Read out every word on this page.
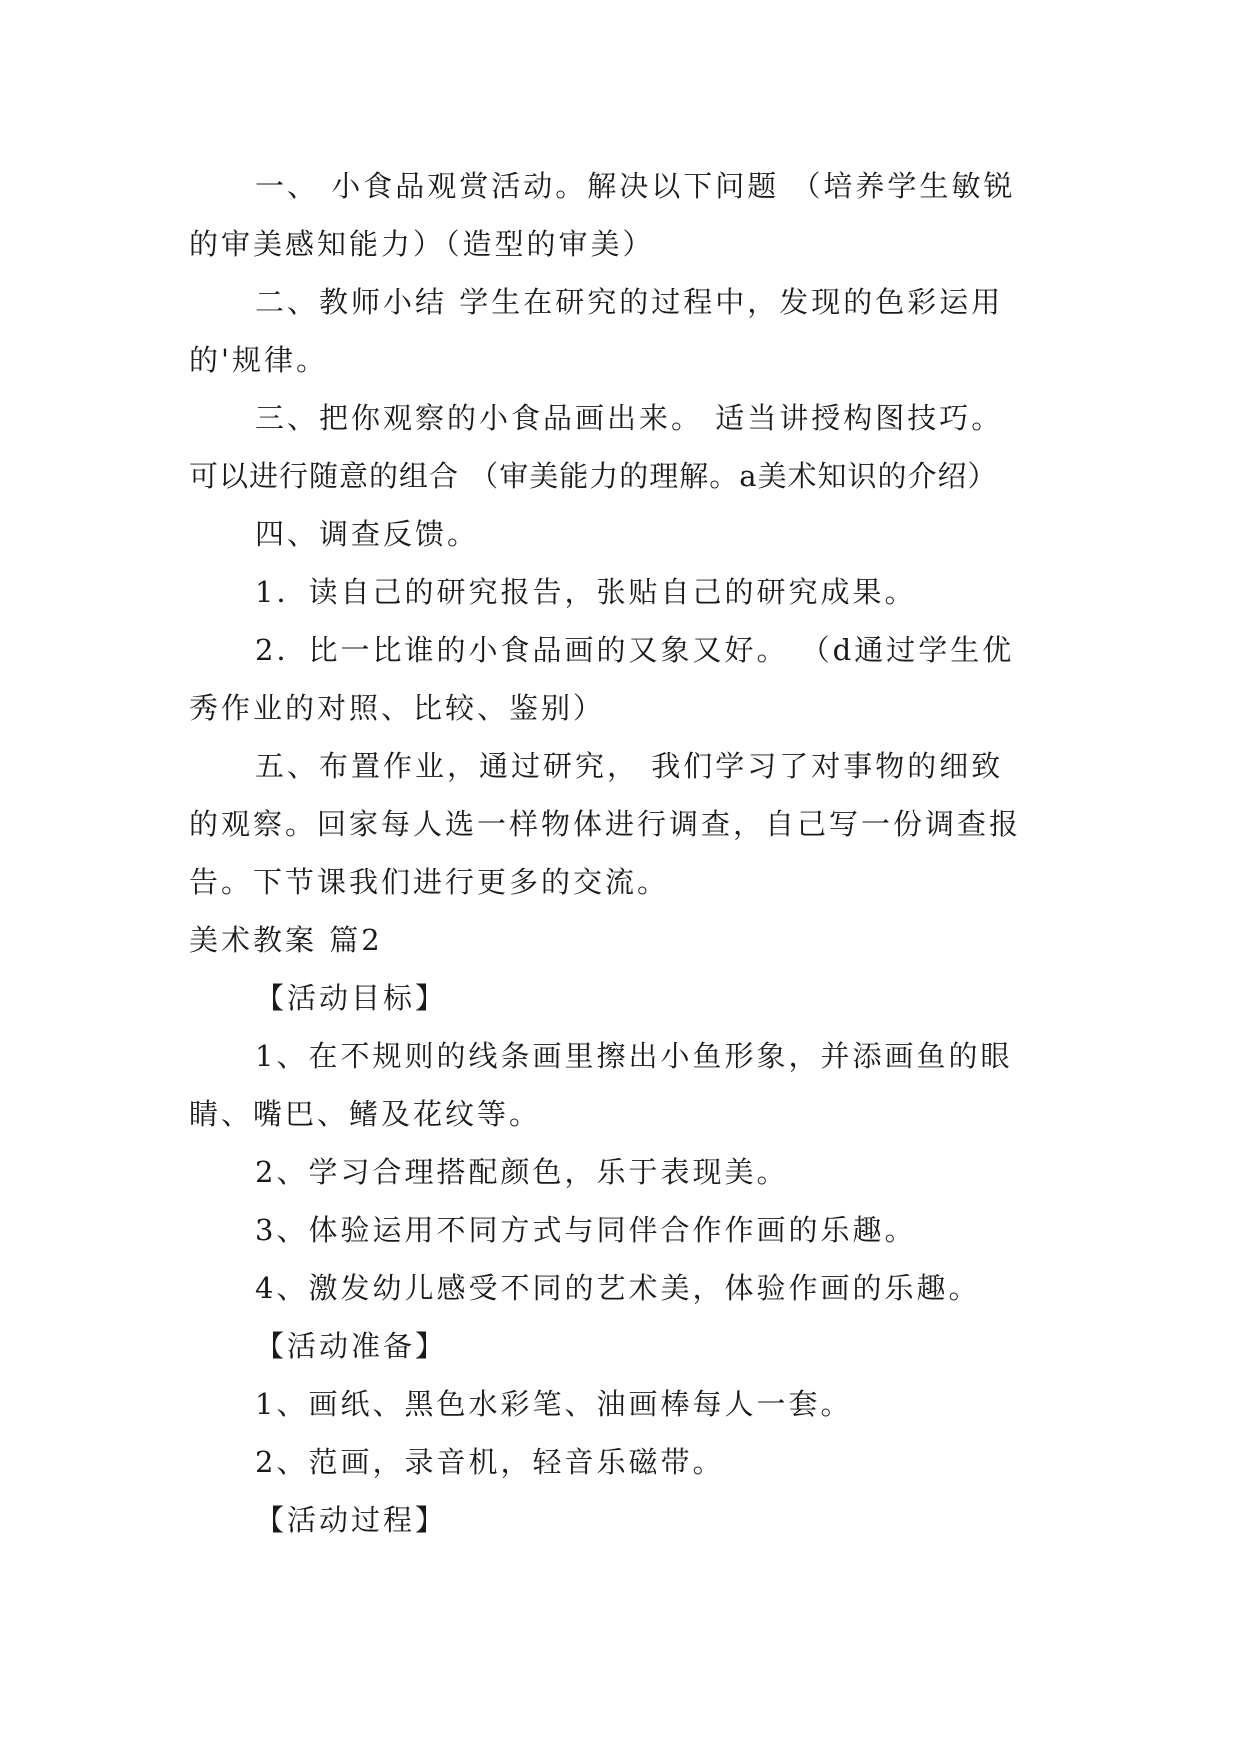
一、 小食品观赏活动。解决以下问题 （培养学生敏锐
的审美感知能力）（造型的审美）
二、教师小结 学生在研究的过程中，发现的色彩运用
的'规律。
三、把你观察的小食品画出来。 适当讲授构图技巧。
可以进行随意的组合 （审美能力的理解。a美术知识的介绍）
四、调查反馈。
1．读自己的研究报告，张贴自己的研究成果。
2．比一比谁的小食品画的又象又好。 （d通过学生优
秀作业的对照、比较、鉴别）
五、布置作业，通过研究， 我们学习了对事物的细致
的观察。回家每人选一样物体进行调查，自己写一份调查报
告。下节课我们进行更多的交流。
美术教案 篇2
【活动目标】
1、在不规则的线条画里擦出小鱼形象，并添画鱼的眼
睛、嘴巴、鳍及花纹等。
2、学习合理搭配颜色，乐于表现美。
3、体验运用不同方式与同伴合作作画的乐趣。
4、激发幼儿感受不同的艺术美，体验作画的乐趣。
【活动准备】
1、画纸、黑色水彩笔、油画棒每人一套。
2、范画，录音机，轻音乐磁带。
【活动过程】
